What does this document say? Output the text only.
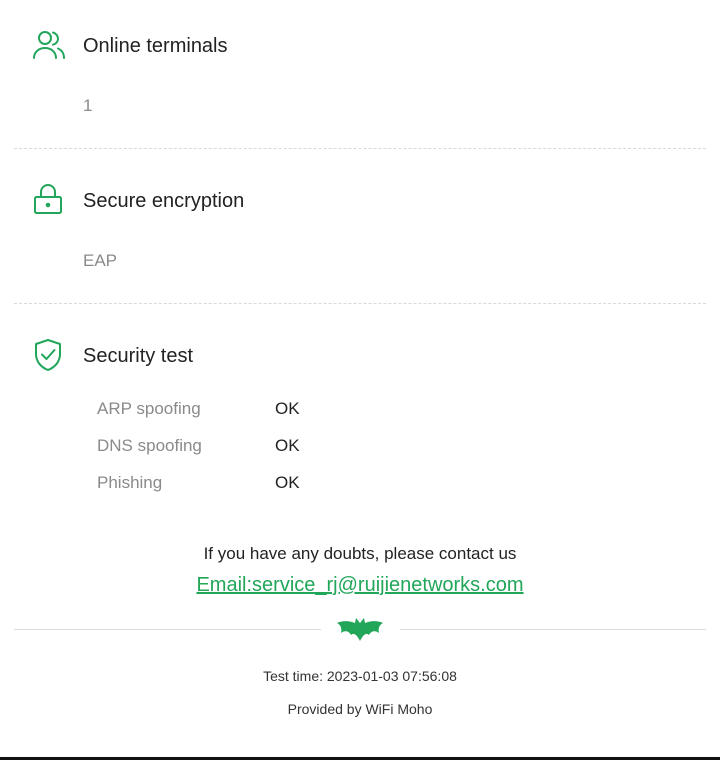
Online terminals
1
Secure encryption
EAP
Security test
ARP spoofing	OK
DNS spoofing	OK
Phishing	OK
If you have any doubts, please contact us
Email:service_rj@ruijienetworks.com
Test time: 2023-01-03 07:56:08
Provided by WiFi Moho
